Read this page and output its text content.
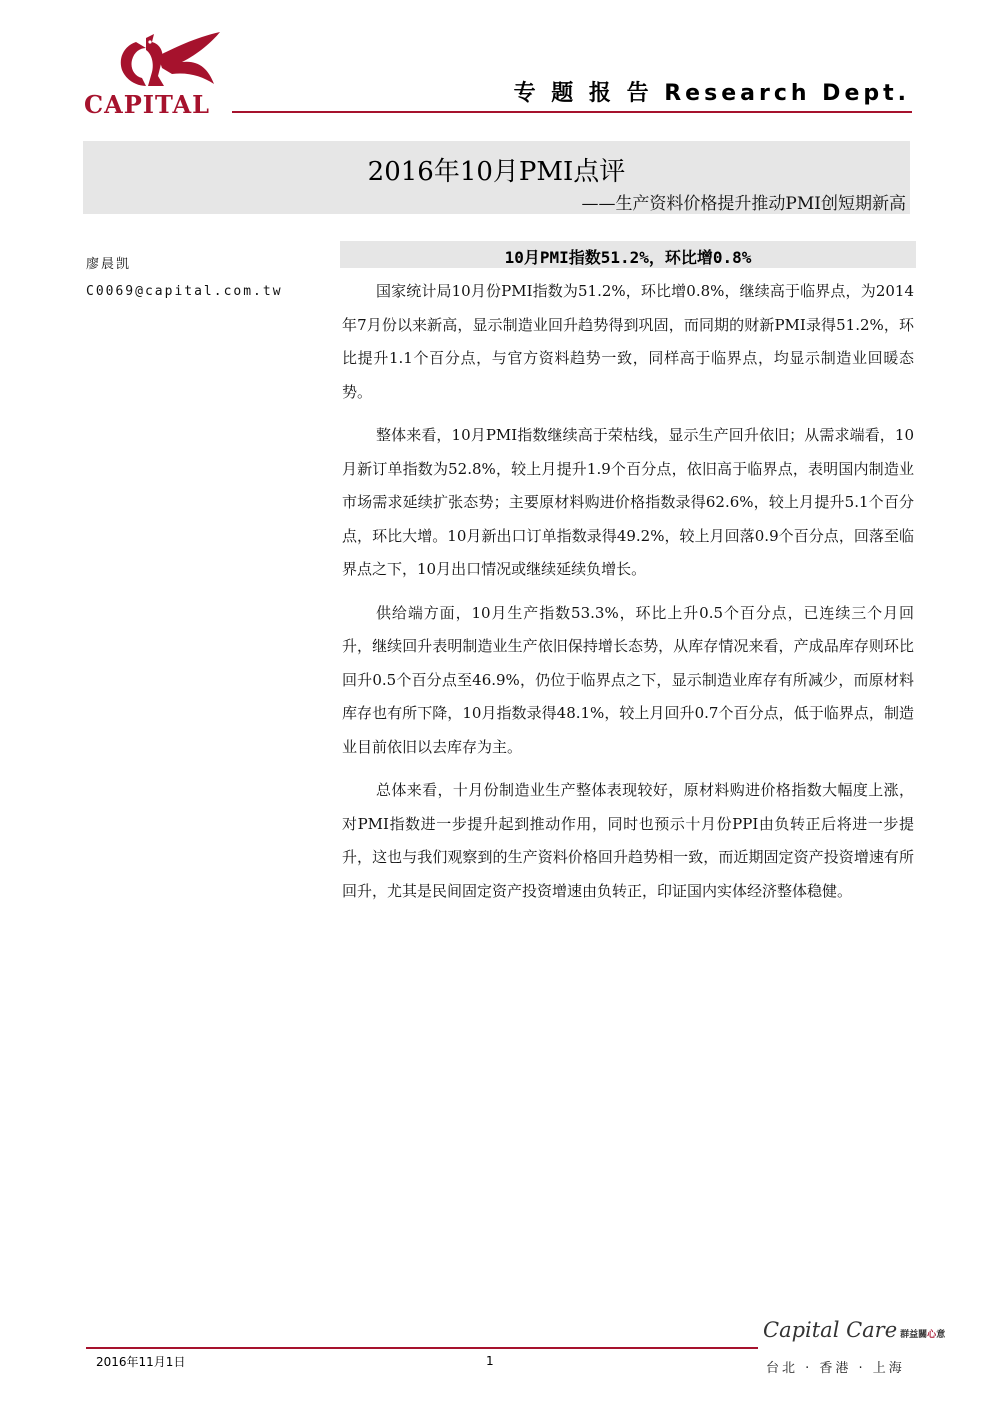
CAPITAL	专 题 报 告 Research Dept.
2016年10月PMI点评
——生产资料价格提升推动PMI创短期新高
廖晨凯
C0069@capital.com.tw
10月PMI指数51.2%，环比增0.8%

国家统计局10月份PMI指数为51.2%，环比增0.8%，继续高于临界点，为2014年7月份以来新高，显示制造业回升趋势得到巩固，而同期的财新PMI录得51.2%，环比提升1.1个百分点，与官方资料趋势一致，同样高于临界点，均显示制造业回暖态势。

整体来看，10月PMI指数继续高于荣枯线，显示生产回升依旧；从需求端看，10月新订单指数为52.8%，较上月提升1.9个百分点，依旧高于临界点，表明国内制造业市场需求延续扩张态势；主要原材料购进价格指数录得62.6%，较上月提升5.1个百分点，环比大增。10月新出口订单指数录得49.2%，较上月回落0.9个百分点，回落至临界点之下，10月出口情况或继续延续负增长。

供给端方面，10月生产指数53.3%，环比上升0.5个百分点，已连续三个月回升，继续回升表明制造业生产依旧保持增长态势，从库存情况来看，产成品库存则环比回升0.5个百分点至46.9%，仍位于临界点之下，显示制造业库存有所减少，而原材料库存也有所下降，10月指数录得48.1%，较上月回升0.7个百分点，低于临界点，制造业目前依旧以去库存为主。

总体来看，十月份制造业生产整体表现较好，原材料购进价格指数大幅度上涨，对PMI指数进一步提升起到推动作用，同时也预示十月份PPI由负转正后将进一步提升，这也与我们观察到的生产资料价格回升趋势相一致，而近期固定资产投资增速有所回升，尤其是民间固定资产投资增速由负转正，印证国内实体经济整体稳健。

2016年11月1日	1
Capital Care 群益關心意
台北 · 香港 · 上海
